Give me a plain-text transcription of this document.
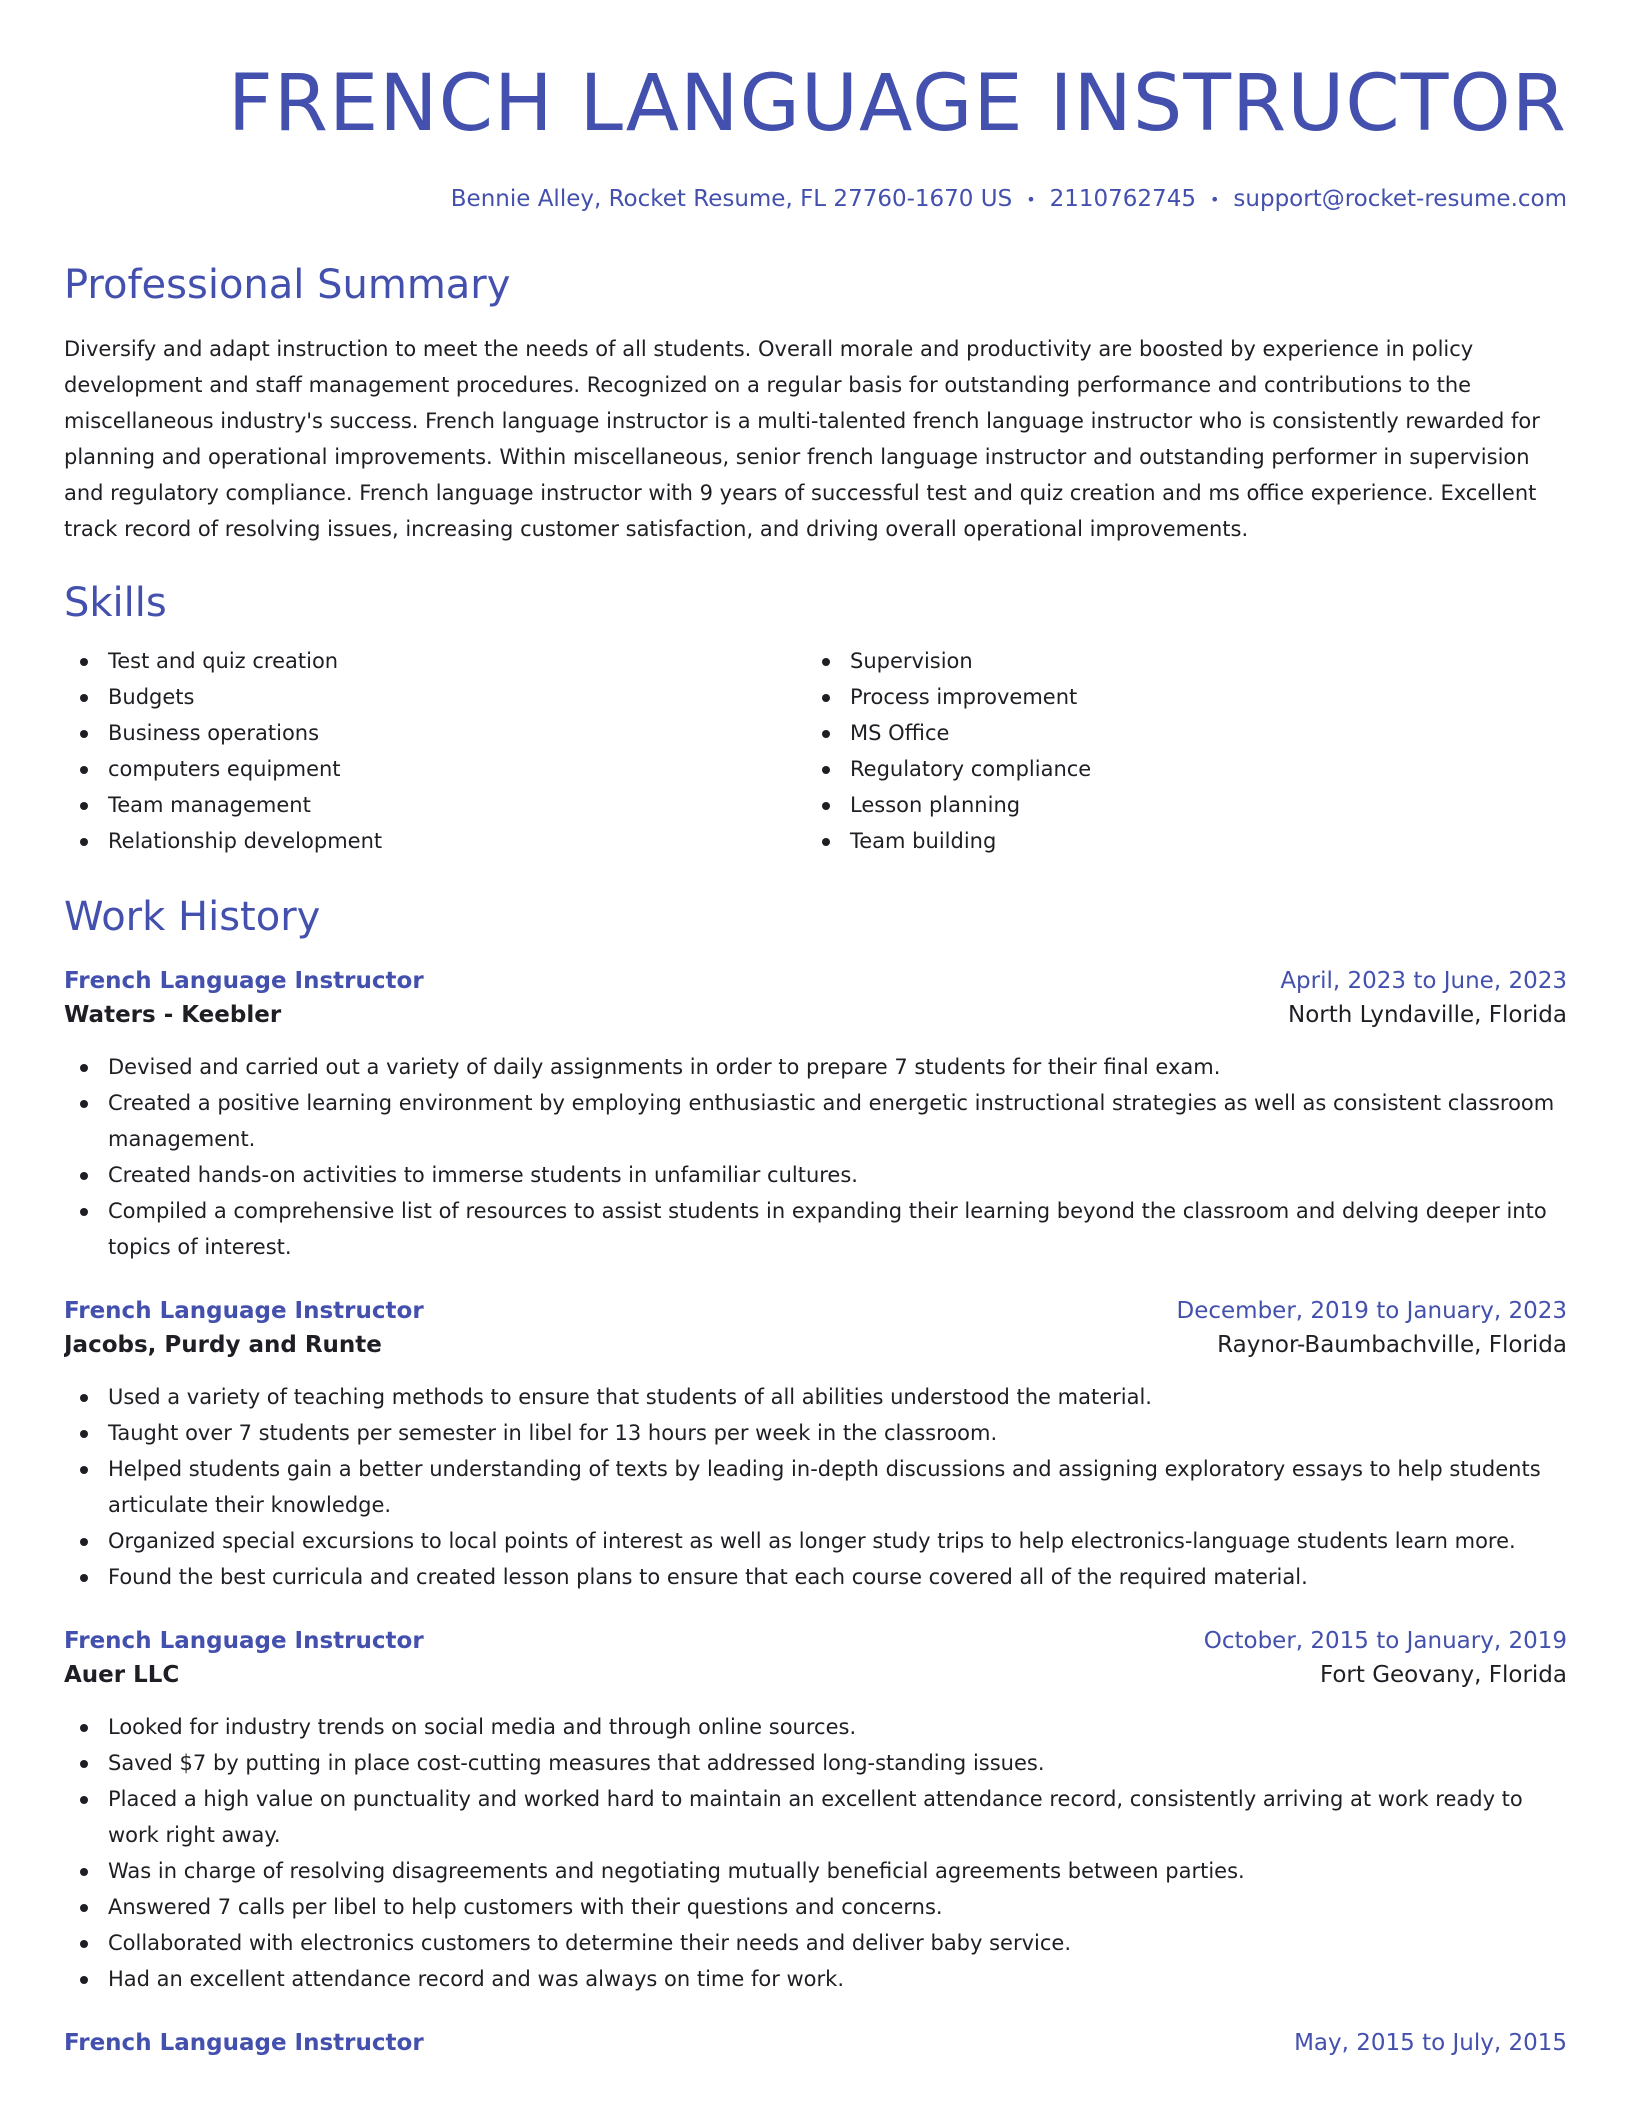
FRENCH LANGUAGE INSTRUCTOR
Bennie Alley, Rocket Resume, FL 27760-1670 US • 2110762745 • support@rocket-resume.com
Professional Summary

Diversify and adapt instruction to meet the needs of all students. Overall morale and productivity are boosted by experience in policy development and staff management procedures. Recognized on a regular basis for outstanding performance and contributions to the miscellaneous industry's success. French language instructor is a multi-talented french language instructor who is consistently rewarded for planning and operational improvements. Within miscellaneous, senior french language instructor and outstanding performer in supervision and regulatory compliance. French language instructor with 9 years of successful test and quiz creation and ms office experience. Excellent track record of resolving issues, increasing customer satisfaction, and driving overall operational improvements.

Skills
Test and quiz creation
Budgets
Business operations
computers equipment
Team management
Relationship development
Supervision
Process improvement
MS Office
Regulatory compliance
Lesson planning
Team building
Work History
French Language Instructor	April, 2023 to June, 2023
Waters - Keebler	North Lyndaville, Florida
Devised and carried out a variety of daily assignments in order to prepare 7 students for their final exam.
Created a positive learning environment by employing enthusiastic and energetic instructional strategies as well as consistent classroom management.
Created hands-on activities to immerse students in unfamiliar cultures.
Compiled a comprehensive list of resources to assist students in expanding their learning beyond the classroom and delving deeper into topics of interest.
French Language Instructor	December, 2019 to January, 2023
Jacobs, Purdy and Runte	Raynor-Baumbachville, Florida
Used a variety of teaching methods to ensure that students of all abilities understood the material.
Taught over 7 students per semester in libel for 13 hours per week in the classroom.
Helped students gain a better understanding of texts by leading in-depth discussions and assigning exploratory essays to help students articulate their knowledge.
Organized special excursions to local points of interest as well as longer study trips to help electronics-language students learn more.
Found the best curricula and created lesson plans to ensure that each course covered all of the required material.
French Language Instructor	October, 2015 to January, 2019
Auer LLC	Fort Geovany, Florida
Looked for industry trends on social media and through online sources.
Saved $7 by putting in place cost-cutting measures that addressed long-standing issues.
Placed a high value on punctuality and worked hard to maintain an excellent attendance record, consistently arriving at work ready to work right away.
Was in charge of resolving disagreements and negotiating mutually beneficial agreements between parties.
Answered 7 calls per libel to help customers with their questions and concerns.
Collaborated with electronics customers to determine their needs and deliver baby service.
Had an excellent attendance record and was always on time for work.
French Language Instructor	May, 2015 to July, 2015
